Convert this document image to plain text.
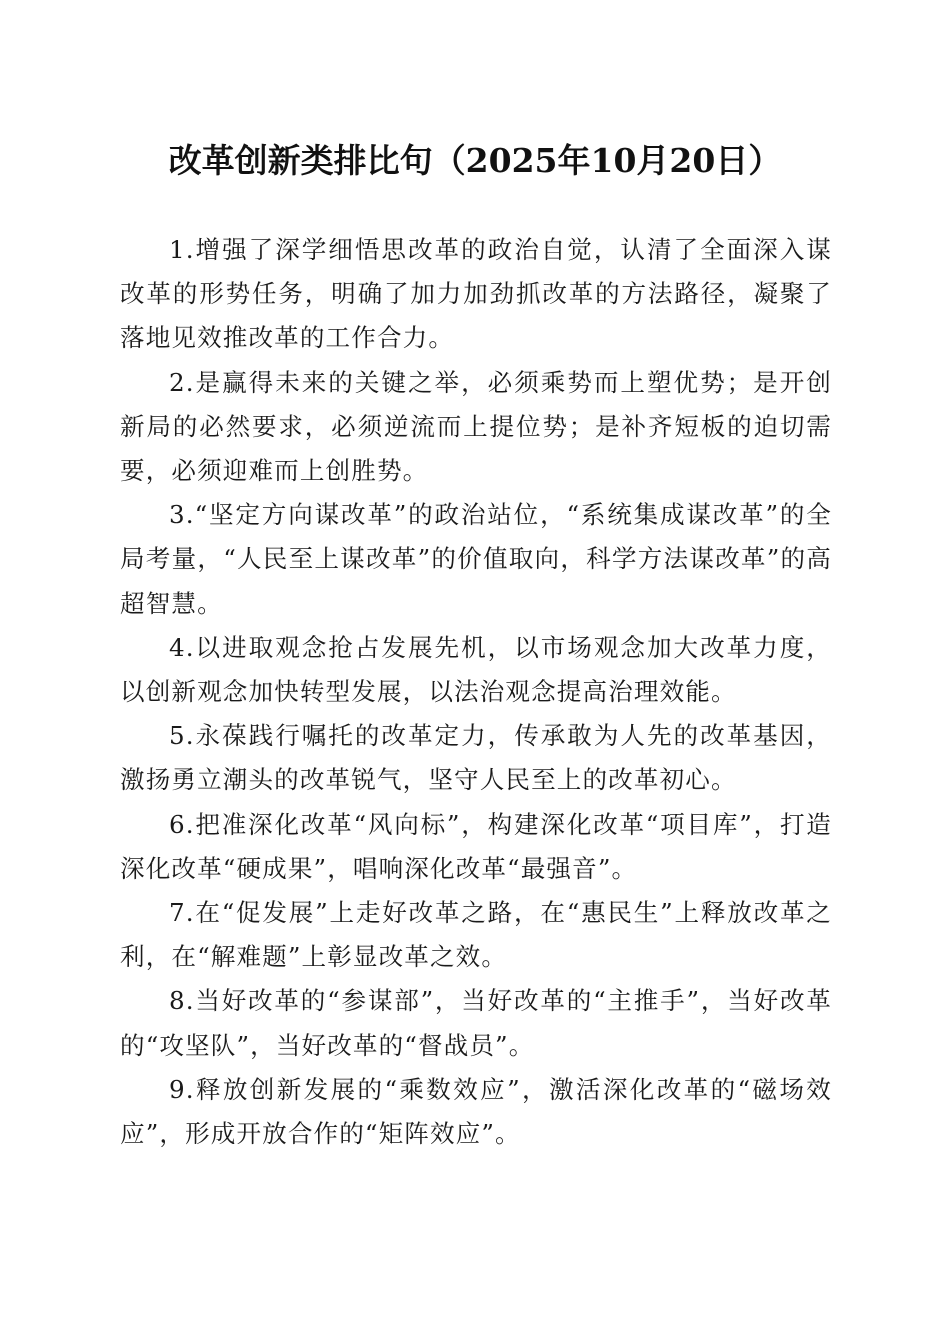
改革创新类排比句（2025年10月20日）

1.增强了深学细悟思改革的政治自觉，认清了全面深入谋改革的形势任务，明确了加力加劲抓改革的方法路径，凝聚了落地见效推改革的工作合力。

2.是赢得未来的关键之举，必须乘势而上塑优势；是开创新局的必然要求，必须逆流而上提位势；是补齐短板的迫切需要，必须迎难而上创胜势。

3.“坚定方向谋改革”的政治站位，“系统集成谋改革”的全局考量，“人民至上谋改革”的价值取向，科学方法谋改革”的高超智慧。

4.以进取观念抢占发展先机，以市场观念加大改革力度，以创新观念加快转型发展，以法治观念提高治理效能。

5.永葆践行嘱托的改革定力，传承敢为人先的改革基因，激扬勇立潮头的改革锐气，坚守人民至上的改革初心。

6.把准深化改革“风向标”，构建深化改革“项目库”，打造深化改革“硬成果”，唱响深化改革“最强音”。

7.在“促发展”上走好改革之路，在“惠民生”上释放改革之利，在“解难题”上彰显改革之效。

8.当好改革的“参谋部”，当好改革的“主推手”，当好改革的“攻坚队”，当好改革的“督战员”。

9.释放创新发展的“乘数效应”，激活深化改革的“磁场效应”，形成开放合作的“矩阵效应”。
